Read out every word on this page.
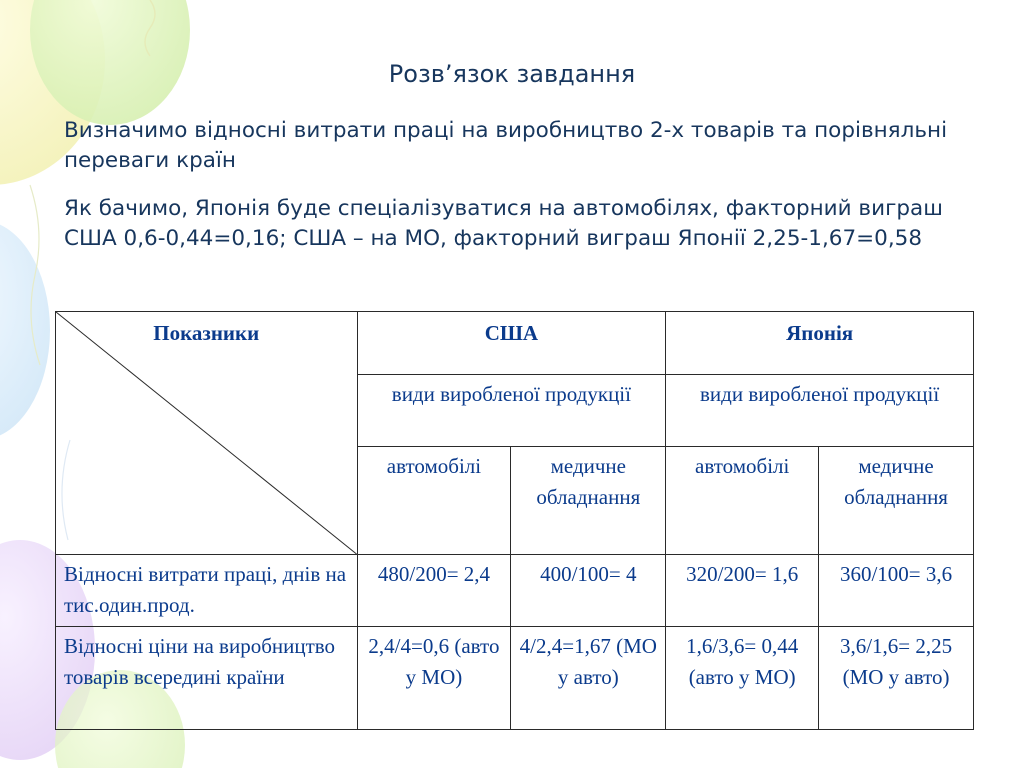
Розв’язок завдання

Визначимо відносні витрати праці на виробництво 2-х товарів та порівняльні переваги країн

Як бачимо, Японія буде спеціалізуватися на автомобілях, факторний виграш США 0,6-0,44=0,16; США – на МО, факторний виграш Японії 2,25-1,67=0,58

Показники	США		Японія	
	види виробленої продукції		види виробленої продукції	
	автомобілі	медичне обладнання	автомобілі	медичне обладнання
Відносні витрати праці, днів на тис.один.прод.	480/200= 2,4	400/100= 4	320/200= 1,6	360/100= 3,6
Відносні ціни на виробництво товарів всередині країни	2,4/4=0,6 (авто у МО)	4/2,4=1,67 (МО у авто)	1,6/3,6= 0,44 (авто у МО)	3,6/1,6= 2,25 (МО у авто)
